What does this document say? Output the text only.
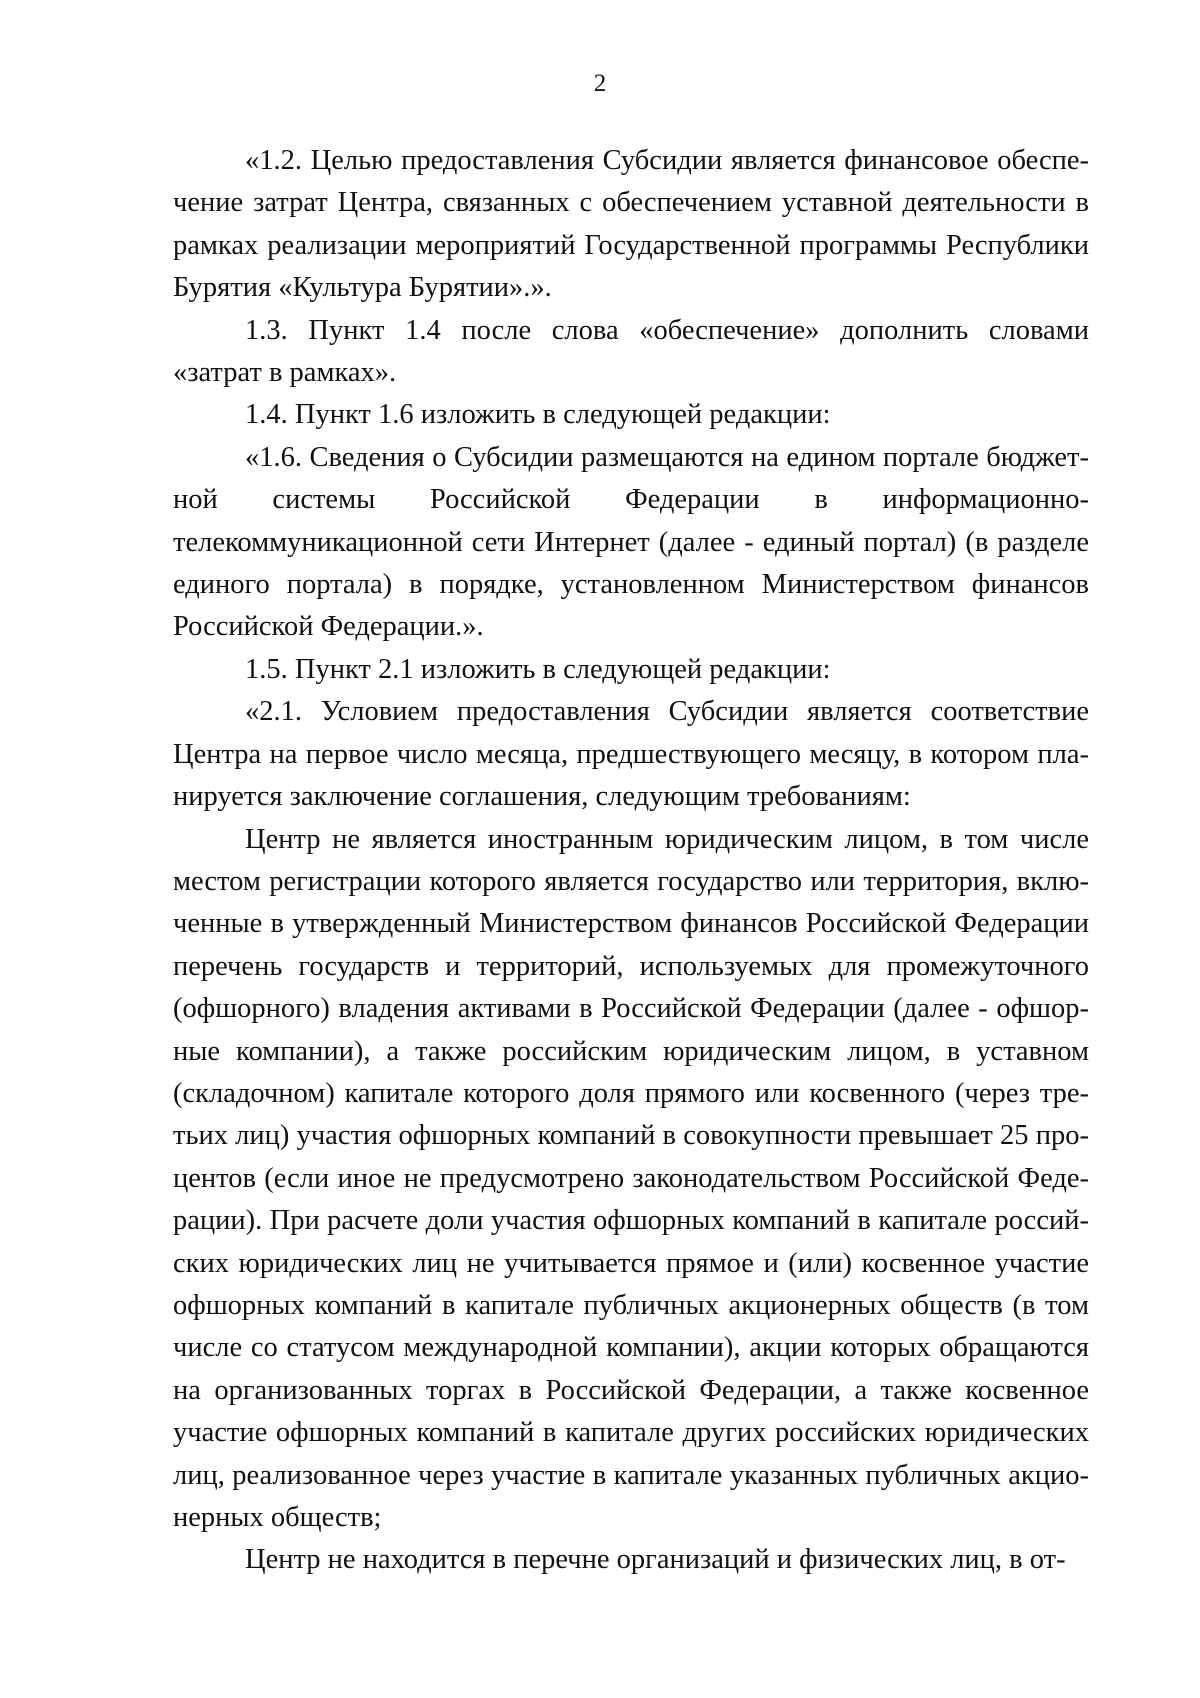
2

«1.2. Целью предоставления Субсидии является финансовое обеспечение затрат Центра, связанных с обеспечением уставной деятельности в рамках реализации мероприятий Государственной программы Республики Бурятия «Культура Бурятии».».

1.3. Пункт 1.4 после слова «обеспечение» дополнить словами «затрат в рамках».

1.4. Пункт 1.6 изложить в следующей редакции:

«1.6. Сведения о Субсидии размещаются на едином портале бюджетной системы Российской Федерации в информационно-телекоммуникационной сети Интернет (далее - единый портал) (в разделе единого портала) в порядке, установленном Министерством финансов Российской Федерации.».

1.5. Пункт 2.1 изложить в следующей редакции:

«2.1. Условием предоставления Субсидии является соответствие Центра на первое число месяца, предшествующего месяцу, в котором планируется заключение соглашения, следующим требованиям:

Центр не является иностранным юридическим лицом, в том числе местом регистрации которого является государство или территория, включенные в утвержденный Министерством финансов Российской Федерации перечень государств и территорий, используемых для промежуточного (офшорного) владения активами в Российской Федерации (далее - офшорные компании), а также российским юридическим лицом, в уставном (складочном) капитале которого доля прямого или косвенного (через третьих лиц) участия офшорных компаний в совокупности превышает 25 процентов (если иное не предусмотрено законодательством Российской Федерации). При расчете доли участия офшорных компаний в капитале российских юридических лиц не учитывается прямое и (или) косвенное участие офшорных компаний в капитале публичных акционерных обществ (в том числе со статусом международной компании), акции которых обращаются на организованных торгах в Российской Федерации, а также косвенное участие офшорных компаний в капитале других российских юридических лиц, реализованное через участие в капитале указанных публичных акционерных обществ;

Центр не находится в перечне организаций и физических лиц, в от-
